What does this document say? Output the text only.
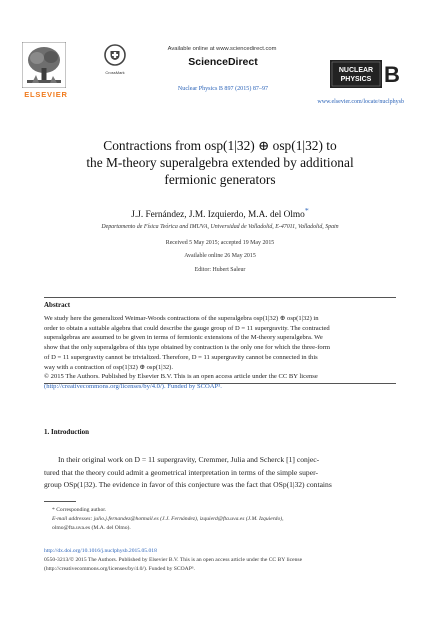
ELSEVIER
CrossMark
Available online at www.sciencedirect.com
ScienceDirect
Nuclear Physics B 897 (2015) 87–97
NUCLEAR
PHYSICS B
www.elsevier.com/locate/nuclphysb
Contractions from osp(1|32) ⊕ osp(1|32) to
the M-theory superalgebra extended by additional
fermionic generators
J.J. Fernández, J.M. Izquierdo, M.A. del Olmo*
Departamento de Física Teórica and IMUVA, Universidad de Valladolid, E-47011, Valladolid, Spain
Received 5 May 2015; accepted 19 May 2015
Available online 26 May 2015
Editor: Hubert Saleur
Abstract
We study here the generalized Weimar-Woods contractions of the superalgebra osp(1|32) ⊕ osp(1|32) in
order to obtain a suitable algebra that could describe the gauge group of D = 11 supergravity. The contracted
superalgebras are assumed to be given in terms of fermionic extensions of the M-theory superalgebra. We
show that the only superalgebra of this type obtained by contraction is the only one for which the three-form
of D = 11 supergravity cannot be trivialized. Therefore, D = 11 supergravity cannot be connected in this
way with a contraction of osp(1|32) ⊕ osp(1|32).
© 2015 The Authors. Published by Elsevier B.V. This is an open access article under the CC BY license
(http://creativecommons.org/licenses/by/4.0/). Funded by SCOAP³.
1. Introduction
In their original work on D = 11 supergravity, Cremmer, Julia and Scherck [1] conjec-
tured that the theory could admit a geometrical interpretation in terms of the simple super-
group OSp(1|32). The evidence in favor of this conjecture was the fact that OSp(1|32) contains
* Corresponding author.
E-mail addresses: julio.j.fernandez@hotmail.es (J.J. Fernández), izquierd@fta.uva.es (J.M. Izquierdo),
olmo@fta.uva.es (M.A. del Olmo).
http://dx.doi.org/10.1016/j.nuclphysb.2015.05.018
0550-3213/© 2015 The Authors. Published by Elsevier B.V. This is an open access article under the CC BY license
(http://creativecommons.org/licenses/by/4.0/). Funded by SCOAP³.
